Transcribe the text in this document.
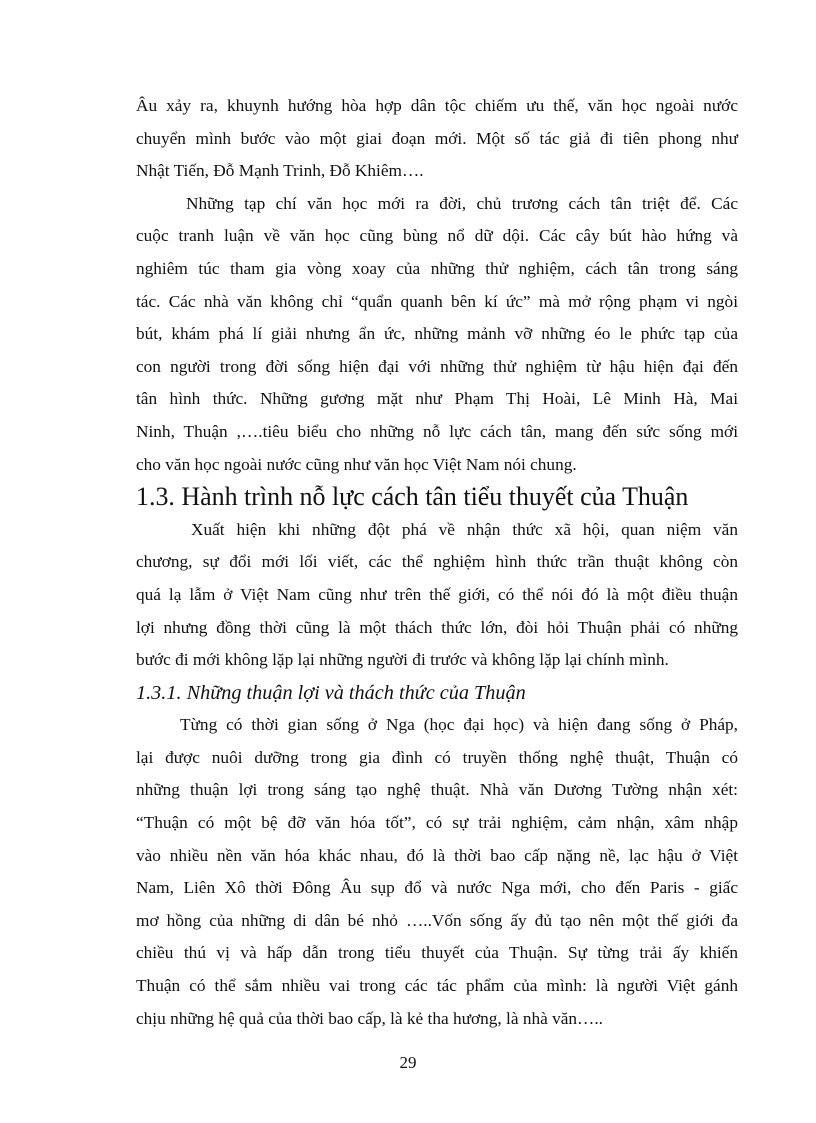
Âu xảy ra, khuynh hướng hòa hợp dân tộc chiếm ưu thế, văn học ngoài nước
chuyển mình bước vào một giai đoạn mới. Một số tác giả đi tiên phong như
Nhật Tiến, Đỗ Mạnh Trinh, Đỗ Khiêm….

Những tạp chí văn học mới ra đời, chủ trương cách tân triệt để. Các
cuộc tranh luận về văn học cũng bùng nổ dữ dội. Các cây bút hào hứng và
nghiêm túc tham gia vòng xoay của những thử nghiệm, cách tân trong sáng
tác. Các nhà văn không chỉ “quẩn quanh bên kí ức” mà mở rộng phạm vi ngòi
bút, khám phá lí giải nhưng ẩn ức, những mảnh vỡ những éo le phức tạp của
con người trong đời sống hiện đại với những thử nghiệm từ hậu hiện đại đến
tân hình thức. Những gương mặt như Phạm Thị Hoài, Lê Minh Hà, Mai
Ninh, Thuận ,….tiêu biểu cho những nỗ lực cách tân, mang đến sức sống mới
cho văn học ngoài nước cũng như văn học Việt Nam nói chung.

1.3. Hành trình nỗ lực cách tân tiểu thuyết của Thuận

Xuất hiện khi những đột phá về nhận thức xã hội, quan niệm văn
chương, sự đổi mới lối viết, các thể nghiệm hình thức trần thuật không còn
quá lạ lẫm ở Việt Nam cũng như trên thế giới, có thể nói đó là một điều thuận
lợi nhưng đồng thời cũng là một thách thức lớn, đòi hỏi Thuận phải có những
bước đi mới không lặp lại những người đi trước và không lặp lại chính mình.

1.3.1. Những thuận lợi và thách thức của Thuận

Từng có thời gian sống ở Nga (học đại học) và hiện đang sống ở Pháp,
lại được nuôi dưỡng trong gia đình có truyền thống nghệ thuật, Thuận có
những thuận lợi trong sáng tạo nghệ thuật. Nhà văn Dương Tường nhận xét:
“Thuận có một bệ đỡ văn hóa tốt”, có sự trải nghiệm, cảm nhận, xâm nhập
vào nhiều nền văn hóa khác nhau, đó là thời bao cấp nặng nề, lạc hậu ở Việt
Nam, Liên Xô thời Đông Âu sụp đổ và nước Nga mới, cho đến Paris - giấc
mơ hồng của những di dân bé nhỏ …..Vốn sống ấy đủ tạo nên một thế giới đa
chiều thú vị và hấp dẫn trong tiểu thuyết của Thuận. Sự từng trải ấy khiến
Thuận có thể sắm nhiều vai trong các tác phẩm của mình: là người Việt gánh
chịu những hệ quả của thời bao cấp, là kẻ tha hương, là nhà văn…..

29
